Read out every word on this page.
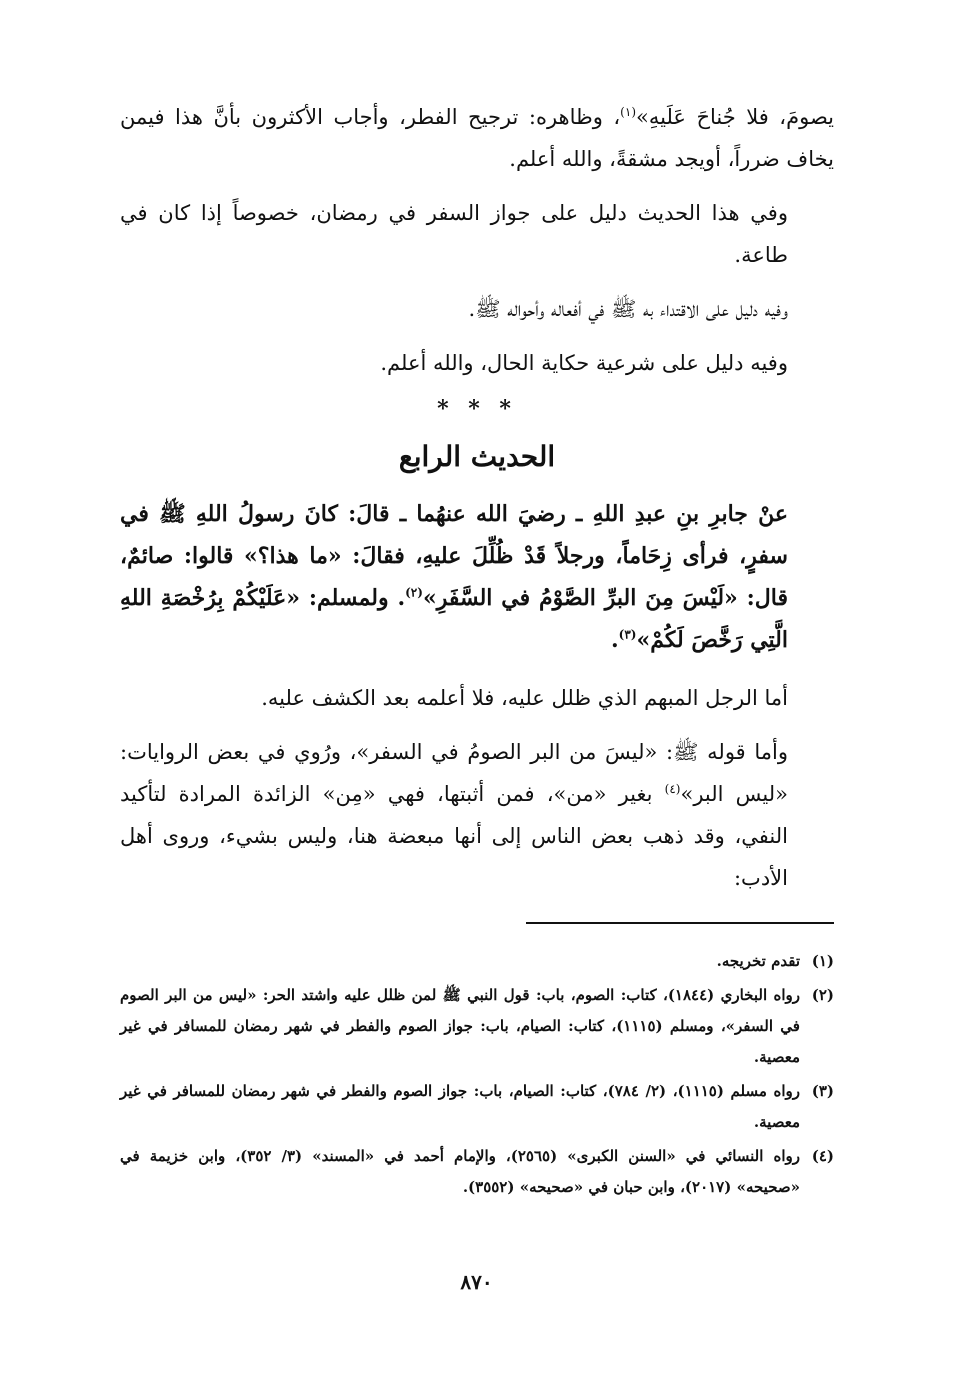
يصومَ، فلا جُناحَ عَلَيهِ»$^{(١)}$، وظاهره: ترجيح الفطر، وأجاب الأكثرون بأنَّ هذا فيمن يخاف ضرراً، أويجد مشقةً، والله أعلم.

وفي هذا الحديث دليل على جواز السفر في رمضان، خصوصاً إذا كان في طاعة.

وفيه دليل على الاقتداء به ﷺ في أفعاله وأحواله ﷺ.

وفيه دليل على شرعية حكاية الحال، والله أعلم.

* * *
الحديث الرابع

عنْ جابرِ بنِ عبدِ اللهِ ـ رضيَ الله عنهُما ـ قالَ: كانَ رسولُ اللهِ ﷺ في سفرٍ، فرأى زِحَاماً، ورجلاً قَدْ ظُلِّلَ عليهِ، فقالَ: «ما هذا؟» قالوا: صائمٌ، قال: «لَيْسَ مِنَ البرِّ الصَّوْمُ في السَّفَرِ»$^{(٢)}$. ولمسلم: «عَلَيْكُمْ بِرُخْصَةِ اللهِ الَّتِي رَخَّصَ لَكُمْ»$^{(٣)}$.

أما الرجل المبهم الذي ظلل عليه، فلا أعلمه بعد الكشف عليه.

وأما قوله ﷺ: «ليسَ من البر الصومُ في السفر»، ورُوي في بعض الروايات: «ليس البر»$^{(٤)}$ بغير «من»، فمن أثبتها، فهي «مِن» الزائدة المرادة لتأكيد النفي، وقد ذهب بعض الناس إلى أنها مبعضة هنا، وليس بشيء، وروى أهل الأدب:

(١)
تقدم تخريجه.
(٢)
رواه البخاري (١٨٤٤)، كتاب: الصوم، باب: قول النبي ﷺ لمن ظلل عليه واشتد الحر: «ليس من البر الصوم في السفر»، ومسلم (١١١٥)، كتاب: الصيام، باب: جواز الصوم والفطر في شهر رمضان للمسافر في غير معصية.
(٣)
رواه مسلم (١١١٥)، (٢/ ٧٨٤)، كتاب: الصيام، باب: جواز الصوم والفطر في شهر رمضان للمسافر في غير معصية.
(٤)
رواه النسائي في «السنن الكبرى» (٢٥٦٥)، والإمام أحمد في «المسند» (٣/ ٣٥٢)، وابن خزيمة في «صحيحه» (٢٠١٧)، وابن حبان في «صحيحه» (٣٥٥٢).
٨٧٠
